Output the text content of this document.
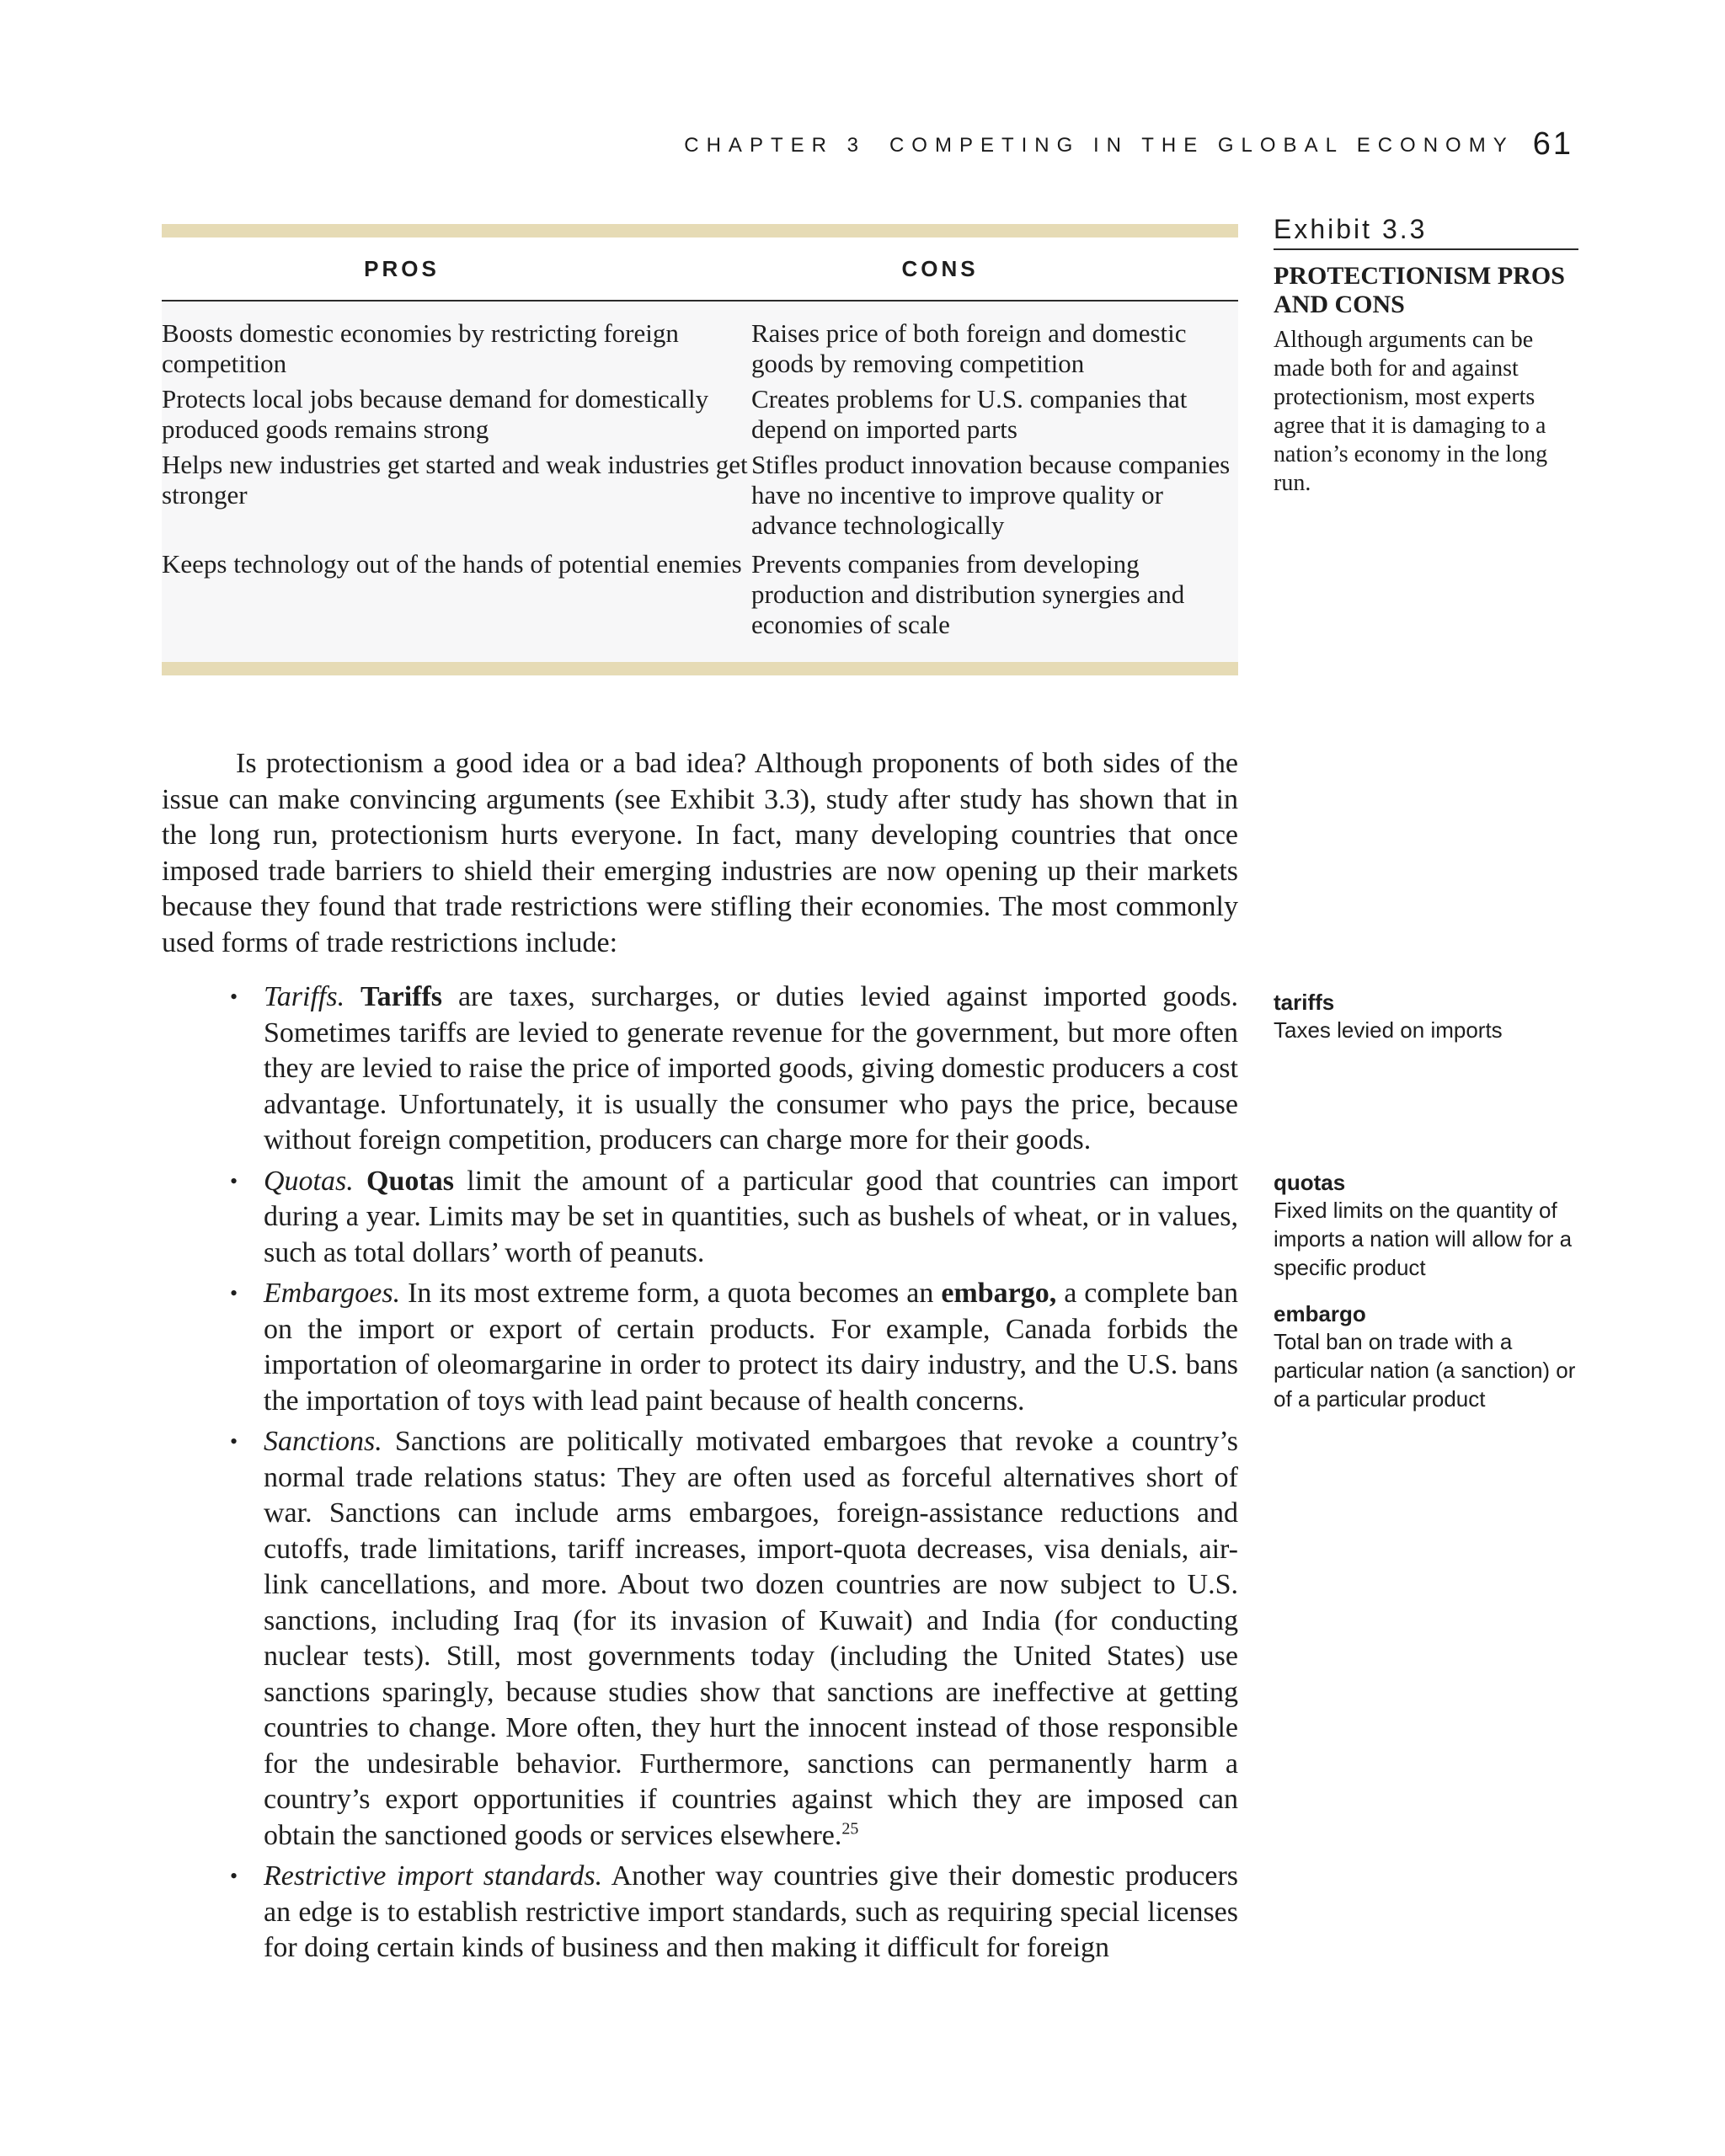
CHAPTER 3 COMPETING IN THE GLOBAL ECONOMY 61
PROS	CONS
Boosts domestic economies by restricting foreign competition
Raises price of both foreign and domestic goods by removing competition
Protects local jobs because demand for domestically produced goods remains strong
Creates problems for U.S. companies that depend on imported parts
Helps new industries get started and weak industries get stronger
Stifles product innovation because companies have no incentive to improve quality or advance technologically
Keeps technology out of the hands of potential enemies Prevents companies from developing production and distribution synergies and economies of scale
Exhibit 3.3
PROTECTIONISM PROS AND CONS
Although arguments can be made both for and against protectionism, most experts agree that it is damaging to a nation’s economy in the long run.

Is protectionism a good idea or a bad idea? Although proponents of both sides of the issue can make convincing arguments (see Exhibit 3.3), study after study has shown that in the long run, protectionism hurts everyone. In fact, many developing countries that once imposed trade barriers to shield their emerging industries are now opening up their markets because they found that trade restrictions were stifling their economies. The most commonly used forms of trade restrictions include:

• Tariffs. Tariffs are taxes, surcharges, or duties levied against imported goods. Sometimes tariffs are levied to generate revenue for the government, but more often they are levied to raise the price of imported goods, giving domestic producers a cost advantage. Unfortunately, it is usually the consumer who pays the price, because without foreign competition, producers can charge more for their goods.
• Quotas. Quotas limit the amount of a particular good that countries can import during a year. Limits may be set in quantities, such as bushels of wheat, or in values, such as total dollars’ worth of peanuts.
• Embargoes. In its most extreme form, a quota becomes an embargo, a complete ban on the import or export of certain products. For example, Canada forbids the importation of oleomargarine in order to protect its dairy industry, and the U.S. bans the importation of toys with lead paint because of health concerns.
• Sanctions. Sanctions are politically motivated embargoes that revoke a country’s normal trade relations status: They are often used as forceful alternatives short of war. Sanctions can include arms embargoes, foreign-assistance reductions and cutoffs, trade limitations, tariff increases, import-quota decreases, visa denials, air-link cancellations, and more. About two dozen countries are now subject to U.S. sanctions, including Iraq (for its invasion of Kuwait) and India (for conducting nuclear tests). Still, most governments today (including the United States) use sanctions sparingly, because studies show that sanctions are ineffective at getting countries to change. More often, they hurt the innocent instead of those responsible for the undesirable behavior. Furthermore, sanctions can permanently harm a country’s export opportunities if countries against which they are imposed can obtain the sanctioned goods or services elsewhere.$^{25}$
• Restrictive import standards. Another way countries give their domestic producers an edge is to establish restrictive import standards, such as requiring special licenses for doing certain kinds of business and then making it difficult for foreign
tariffs
Taxes levied on imports
quotas
Fixed limits on the quantity of imports a nation will allow for a specific product
embargo
Total ban on trade with a particular nation (a sanction) or of a particular product
